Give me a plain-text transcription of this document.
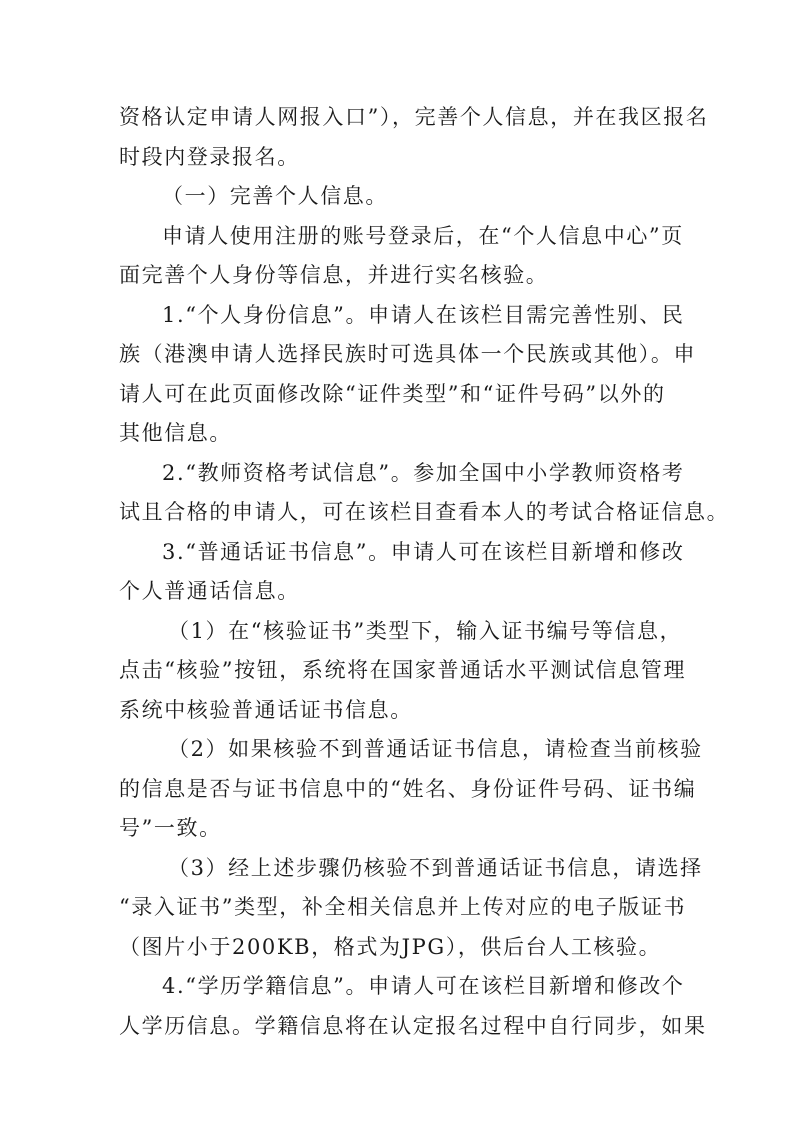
资格认定申请人网报入口”），完善个人信息，并在我区报名
时段内登录报名。
（一）完善个人信息。
申请人使用注册的账号登录后，在“个人信息中心”页
面完善个人身份等信息，并进行实名核验。
1.“个人身份信息”。申请人在该栏目需完善性别、民
族（港澳申请人选择民族时可选具体一个民族或其他）。申
请人可在此页面修改除“证件类型”和“证件号码”以外的
其他信息。
2.“教师资格考试信息”。参加全国中小学教师资格考
试且合格的申请人，可在该栏目查看本人的考试合格证信息。
3.“普通话证书信息”。申请人可在该栏目新增和修改
个人普通话信息。
（1）在“核验证书”类型下，输入证书编号等信息，
点击“核验”按钮，系统将在国家普通话水平测试信息管理
系统中核验普通话证书信息。
（2）如果核验不到普通话证书信息，请检查当前核验
的信息是否与证书信息中的“姓名、身份证件号码、证书编
号”一致。
（3）经上述步骤仍核验不到普通话证书信息，请选择
“录入证书”类型，补全相关信息并上传对应的电子版证书
（图片小于200KB，格式为JPG），供后台人工核验。
4.“学历学籍信息”。申请人可在该栏目新增和修改个
人学历信息。学籍信息将在认定报名过程中自行同步，如果
